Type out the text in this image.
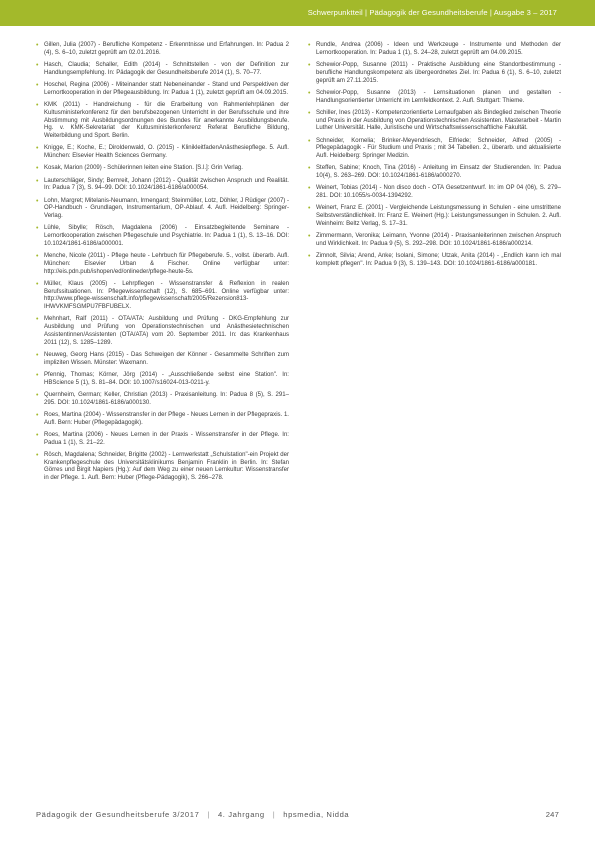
Schwerpunktteil | Pädagogik der Gesundheitsberufe | Ausgabe 3 – 2017
• Gillen, Julia (2007) - Berufliche Kompetenz - Erkenntnisse und Erfahrungen. In: Padua 2 (4), S. 6–10, zuletzt geprüft am 02.01.2016.
• Hasch, Claudia; Schaller, Edith (2014) - Schnittstellen - von der Definition zur Handlungsempfehlung. In: Pädagogik der Gesundheitsberufe 2014 (1), S. 70–77.
• Hoschel, Regina (2006) - Miteinander statt Nebeneinander - Stand und Perspektiven der Lernortkooperation in der Pflegeausbildung. In: Padua 1 (1), zuletzt geprüft am 04.09.2015.
• KMK (2011) - Handreichung - für die Erarbeitung von Rahmenlehrplänen der Kultusministerkonferenz für den berufsbezogenen Unterricht in der Berufsschule und ihre Abstimmung mit Ausbildungsordnungen des Bundes für anerkannte Ausbildungsberufe. Hg. v. KMK-Sekretariat der Kultusministerkonferenz Referat Berufliche Bildung, Weiterbildung und Sport. Berlin.
• Knigge, E.; Koche, E.; Diroldenwald, O. (2015) - KlinikleitfadenAnästhesiepflege. 5. Aufl. München: Elsevier Health Sciences Germany.
• Kosak, Marion (2009) - Schülerinnen leiten eine Station. [S.l.]: Grin Verlag.
• Lauterschläger, Sindy; Bernreit, Johann (2012) - Qualität zwischen Anspruch und Realität. In: Padua 7 (3), S. 94–99. DOI: 10.1024/1861-6186/a000054.
• Lohn, Margret; Mitelanis-Neumann, Irmengard; Steinmüller, Lotz, Döhler, J Rüdiger (2007) - OP-Handbuch - Grundlagen, Instrumentarium, OP-Ablauf. 4. Aufl. Heidelberg: Springer-Verlag.
• Lühle, Sibylle; Rösch, Magdalena (2006) - Einsatzbegleitende Seminare - Lernortkooperation zwischen Pflegeschule und Psychiatrie. In: Padua 1 (1), S. 13–16. DOI: 10.1024/1861-6186/a000001.
• Menche, Nicole (2011) - Pflege heute - Lehrbuch für Pflegeberufe. 5., vollst. überarb. Aufl. München: Elsevier Urban & Fischer. Online verfügbar unter: http://eis.pdn.pub/ishopen/ed/onlineder/pflege-heute-5s.
• Müller, Klaus (2005) - Lehrpflegen - Wissenstransfer & Reflexion in realen Berufssituationen. In: Pflegewissenschaft (12), S. 685–691. Online verfügbar unter: http://www.pflege-wissenschaft.info/pflegewissenschaft/2005/Rezension813-IHWVKMFSGMPU7FBFUBELX.
• Mehnhart, Ralf (2011) - OTA/ATA: Ausbildung und Prüfung - DKG-Empfehlung zur Ausbildung und Prüfung von Operationstechnischen und Anästhesietechnischen Assistentinnen/Assistenten (OTA/ATA) vom 20. September 2011. In: das Krankenhaus 2011 (12), S. 1285–1289.
• Neuweg, Georg Hans (2015) - Das Schweigen der Könner - Gesammelte Schriften zum impliziten Wissen. Münster: Waxmann.
• Pfennig, Thomas; Körner, Jörg (2014) - „Ausschließende selbst eine Station". In: HBScience 5 (1), S. 81–84. DOI: 10.1007/s16024-013-0211-y.
• Quernheim, German; Keller, Christian (2013) - Praxisanleitung. In: Padua 8 (5), S. 291–295. DOI: 10.1024/1861-6186/a000130.
• Roes, Martina (2004) - Wissenstransfer in der Pflege - Neues Lernen in der Pflegepraxis. 1. Aufl. Bern: Huber (Pflegepädagogik).
• Roes, Martina (2006) - Neues Lernen in der Praxis - Wissenstransfer in der Pflege. In: Padua 1 (1), S. 21–22.
• Rösch, Magdalena; Schneider, Brigitte (2002) - Lernwerkstatt „Schulstation"-ein Projekt der Krankenpflegeschule des Universitätsklinikums Benjamin Franklin in Berlin. In: Stefan Görres und Birgit Napiers (Hg.): Auf dem Weg zu einer neuen Lernkultur: Wissenstransfer in der Pflege. 1. Aufl. Bern: Huber (Pflege-Pädagogik), S. 266–278.
• Rundle, Andrea (2006) - Ideen und Werkzeuge - Instrumente und Methoden der Lernortkooperation. In: Padua 1 (1), S. 24–28, zuletzt geprüft am 04.09.2015.
• Schewior-Popp, Susanne (2011) - Praktische Ausbildung eine Standortbestimmung - berufliche Handlungskompetenz als übergeordnetes Ziel. In: Padua 6 (1), S. 6–10, zuletzt geprüft am 27.11.2015.
• Schewior-Popp, Susanne (2013) - Lernsituationen planen und gestalten - Handlungsorientierter Unterricht im Lernfeldkontext. 2. Aufl. Stuttgart: Thieme.
• Schiller, Ines (2013) - Kompetenzorientierte Lernaufgaben als Bindeglied zwischen Theorie und Praxis in der Ausbildung von Operationstechnischen Assistenten. Masterarbeit - Martin Luther Universität. Halle, Juristische und Wirtschaftswissenschaftliche Fakultät.
• Schneider, Kornelia; Brinker-Meyendriesch, Elfriede; Schneider, Alfred (2005) - Pflegepädagogik - Für Studium und Praxis ; mit 34 Tabellen. 2., überarb. und aktualisierte Aufl. Heidelberg: Springer Medizin.
• Steffen, Sabine; Knoch, Tina (2016) - Anleitung im Einsatz der Studierenden. In: Padua 10(4), S. 263–269. DOI: 10.1024/1861-6186/a000270.
• Weinert, Tobias (2014) - Non disco doch - OTA Gesetzentwurf. In: im OP 04 (06), S. 279–281. DOI: 10.1055/s-0034-1394292.
• Weinert, Franz E. (2001) - Vergleichende Leistungsmessung in Schulen - eine umstrittene Selbstverständlichkeit. In: Franz E. Weinert (Hg.): Leistungsmessungen in Schulen. 2. Aufl. Weinheim: Beltz Verlag, S. 17–31.
• Zimmermann, Veronika; Leimann, Yvonne (2014) - Praxisanleiterinnen zwischen Anspruch und Wirklichkeit. In: Padua 9 (5), S. 292–298. DOI: 10.1024/1861-6186/a000214.
• Zimnolt, Silvia; Arend, Anke; Isolani, Simone; Utzak, Anita (2014) - „Endlich kann ich mal komplett pflegen". In: Padua 9 (3), S. 139–143. DOI: 10.1024/1861-6186/a000181.
Pädagogik der Gesundheitsberufe 3/2017 | 4. Jahrgang | hpsmedia, Nidda	247
